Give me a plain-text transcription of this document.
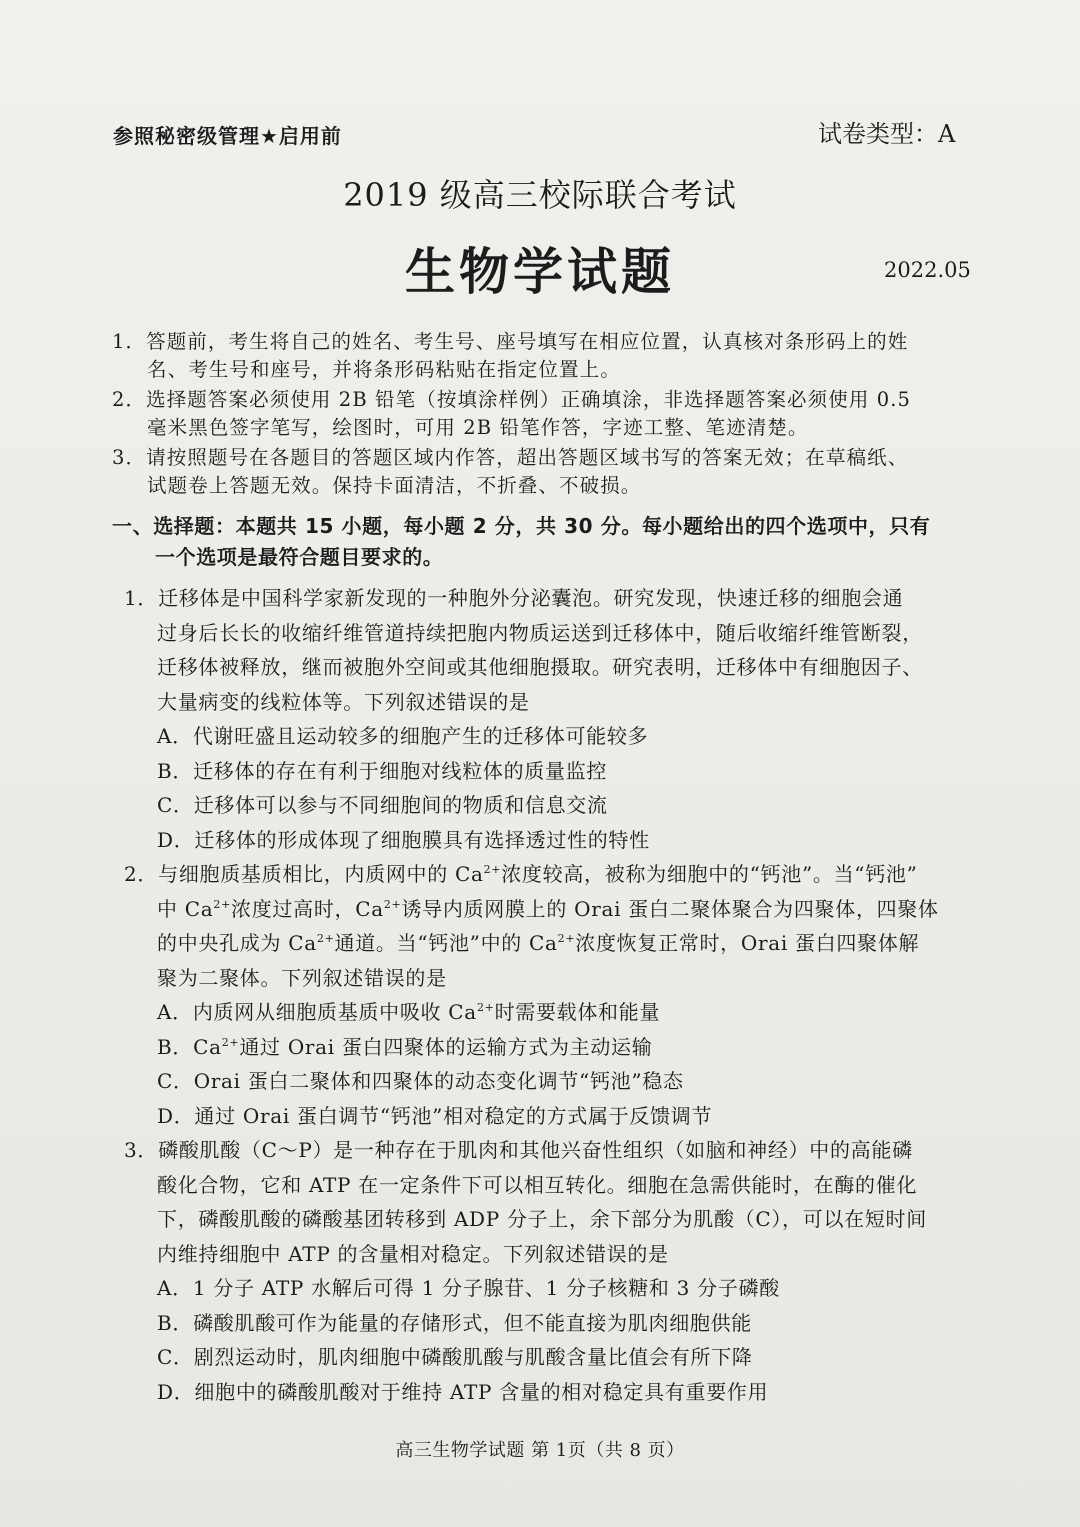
参照秘密级管理★启用前	试卷类型：A
2019 级高三校际联合考试
生物学试题	2022.05
1．答题前，考生将自己的姓名、考生号、座号填写在相应位置，认真核对条形码上的姓
名、考生号和座号，并将条形码粘贴在指定位置上。
2．选择题答案必须使用 2B 铅笔（按填涂样例）正确填涂，非选择题答案必须使用 0.5
毫米黑色签字笔写，绘图时，可用 2B 铅笔作答，字迹工整、笔迹清楚。
3．请按照题号在各题目的答题区域内作答，超出答题区域书写的答案无效；在草稿纸、
试题卷上答题无效。保持卡面清洁，不折叠、不破损。
一、选择题：本题共 15 小题，每小题 2 分，共 30 分。每小题给出的四个选项中，只有
一个选项是最符合题目要求的。
1．迁移体是中国科学家新发现的一种胞外分泌囊泡。研究发现，快速迁移的细胞会通
过身后长长的收缩纤维管道持续把胞内物质运送到迁移体中，随后收缩纤维管断裂，
迁移体被释放，继而被胞外空间或其他细胞摄取。研究表明，迁移体中有细胞因子、
大量病变的线粒体等。下列叙述错误的是
A．代谢旺盛且运动较多的细胞产生的迁移体可能较多
B．迁移体的存在有利于细胞对线粒体的质量监控
C．迁移体可以参与不同细胞间的物质和信息交流
D．迁移体的形成体现了细胞膜具有选择透过性的特性
2．与细胞质基质相比，内质网中的 $Ca^{2+}$浓度较高，被称为细胞中的“钙池”。当“钙池”
中 $Ca^{2+}$浓度过高时，$Ca^{2+}$诱导内质网膜上的 Orai 蛋白二聚体聚合为四聚体，四聚体
的中央孔成为 $Ca^{2+}$通道。当“钙池”中的 $Ca^{2+}$浓度恢复正常时，Orai 蛋白四聚体解
聚为二聚体。下列叙述错误的是
A．内质网从细胞质基质中吸收 $Ca^{2+}$时需要载体和能量
B．$Ca^{2+}$通过 Orai 蛋白四聚体的运输方式为主动运输
C．Orai 蛋白二聚体和四聚体的动态变化调节“钙池”稳态
D．通过 Orai 蛋白调节“钙池”相对稳定的方式属于反馈调节
3．磷酸肌酸（C～P）是一种存在于肌肉和其他兴奋性组织（如脑和神经）中的高能磷
酸化合物，它和 ATP 在一定条件下可以相互转化。细胞在急需供能时，在酶的催化
下，磷酸肌酸的磷酸基团转移到 ADP 分子上，余下部分为肌酸（C），可以在短时间
内维持细胞中 ATP 的含量相对稳定。下列叙述错误的是
A．1 分子 ATP 水解后可得 1 分子腺苷、1 分子核糖和 3 分子磷酸
B．磷酸肌酸可作为能量的存储形式，但不能直接为肌肉细胞供能
C．剧烈运动时，肌肉细胞中磷酸肌酸与肌酸含量比值会有所下降
D．细胞中的磷酸肌酸对于维持 ATP 含量的相对稳定具有重要作用
高三生物学试题 第 1页（共 8 页）
